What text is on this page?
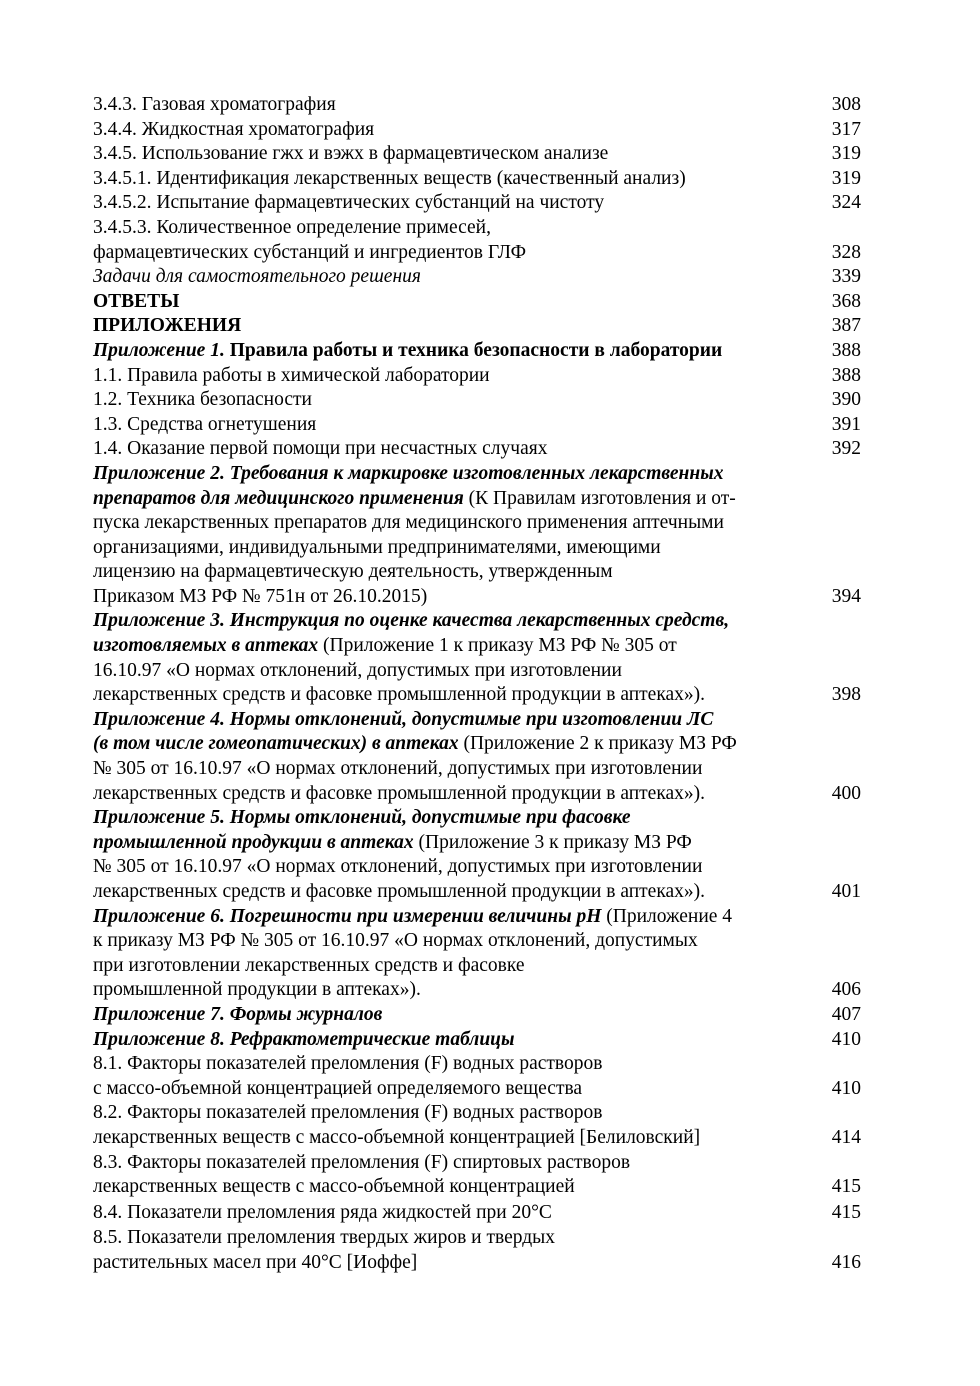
3.4.3. Газовая хроматография	308
3.4.4. Жидкостная хроматография	317
3.4.5. Использование гжх и вэжх в фармацевтическом анализе	319
3.4.5.1. Идентификация лекарственных веществ (качественный анализ)	319
3.4.5.2. Испытание фармацевтических субстанций на чистоту	324
3.4.5.3. Количественное определение примесей,
фармацевтических субстанций и ингредиентов ГЛФ	328
Задачи для самостоятельного решения	339
ОТВЕТЫ	368
ПРИЛОЖЕНИЯ	387
Приложение 1. Правила работы и техника безопасности в лаборатории	388
1.1. Правила работы в химической лаборатории	388
1.2. Техника безопасности	390
1.3. Средства огнетушения	391
1.4. Оказание первой помощи при несчастных случаях	392
Приложение 2. Требования к маркировке изготовленных лекарственных
препаратов для медицинского применения (К Правилам изготовления и от-
пуска лекарственных препаратов для медицинского применения аптечными
организациями, индивидуальными предпринимателями, имеющими
лицензию на фармацевтическую деятельность, утвержденным
Приказом МЗ РФ № 751н от 26.10.2015)	394
Приложение 3. Инструкция по оценке качества лекарственных средств,
изготовляемых в аптеках (Приложение 1 к приказу МЗ РФ № 305 от
16.10.97 «О нормах отклонений, допустимых при изготовлении
лекарственных средств и фасовке промышленной продукции в аптеках»).	398
Приложение 4. Нормы отклонений, допустимые при изготовлении ЛС
(в том числе гомеопатических) в аптеках (Приложение 2 к приказу МЗ РФ
№ 305 от 16.10.97 «О нормах отклонений, допустимых при изготовлении
лекарственных средств и фасовке промышленной продукции в аптеках»).	400
Приложение 5. Нормы отклонений, допустимые при фасовке
промышленной продукции в аптеках (Приложение 3 к приказу МЗ РФ
№ 305 от 16.10.97 «О нормах отклонений, допустимых при изготовлении
лекарственных средств и фасовке промышленной продукции в аптеках»).	401
Приложение 6. Погрешности при измерении величины pH (Приложение 4
к приказу МЗ РФ № 305 от 16.10.97 «О нормах отклонений, допустимых
при изготовлении лекарственных средств и фасовке
промышленной продукции в аптеках»).	406
Приложение 7. Формы журналов	407
Приложение 8. Рефрактометрические таблицы	410
8.1. Факторы показателей преломления (F) водных растворов
с массо-объемной концентрацией определяемого вещества	410
8.2. Факторы показателей преломления (F) водных растворов
лекарственных веществ с массо-объемной концентрацией [Белиловский]	414
8.3. Факторы показателей преломления (F) спиртовых растворов
лекарственных веществ с массо-объемной концентрацией	415
8.4. Показатели преломления ряда жидкостей при 20°С	415
8.5. Показатели преломления твердых жиров и твердых
растительных масел при 40°С [Иоффе]	416
